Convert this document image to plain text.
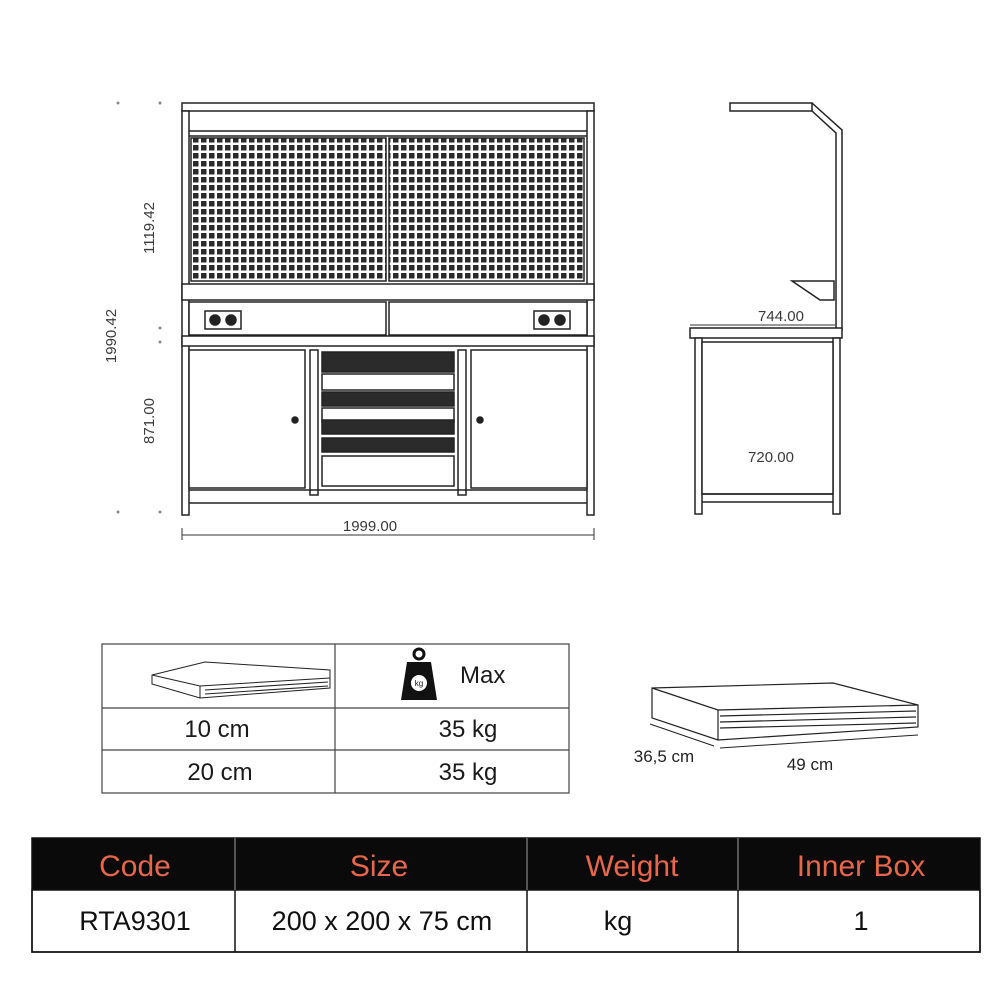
1119.42
1990.42
871.00
1999.00
744.00
720.00
kg Max
10 cm	35 kg
20 cm	35 kg
36,5 cm	49 cm
Code	Size	Weight	Inner Box
RTA9301	200 x 200 x 75 cm	kg	1
